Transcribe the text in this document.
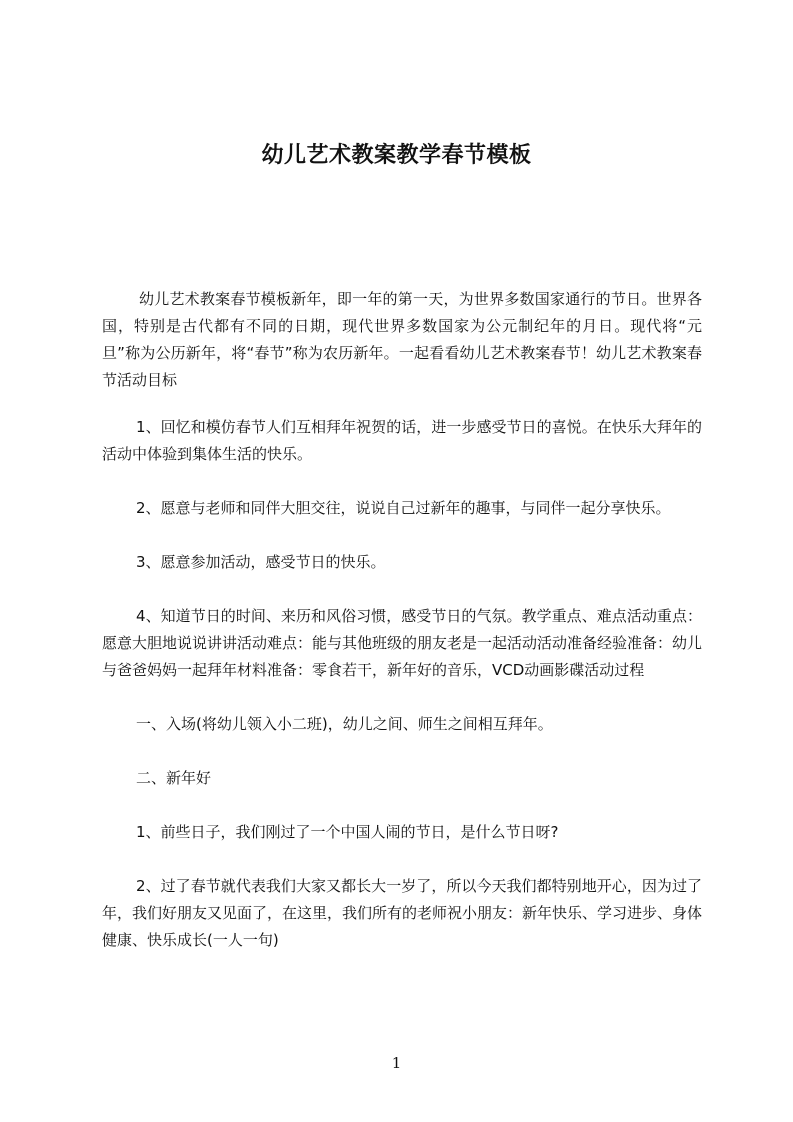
幼儿艺术教案教学春节模板

幼儿艺术教案春节模板新年，即一年的第一天，为世界多数国家通行的节日。世界各国，特别是古代都有不同的日期，现代世界多数国家为公元制纪年的月日。现代将“元旦”称为公历新年，将“春节”称为农历新年。一起看看幼儿艺术教案春节！幼儿艺术教案春节活动目标

1、回忆和模仿春节人们互相拜年祝贺的话，进一步感受节日的喜悦。在快乐大拜年的活动中体验到集体生活的快乐。

2、愿意与老师和同伴大胆交往，说说自己过新年的趣事，与同伴一起分享快乐。

3、愿意参加活动，感受节日的快乐。

4、知道节日的时间、来历和风俗习惯，感受节日的气氛。教学重点、难点活动重点：愿意大胆地说说讲讲活动难点：能与其他班级的朋友老是一起活动活动准备经验准备：幼儿与爸爸妈妈一起拜年材料准备：零食若干，新年好的音乐，VCD动画影碟活动过程

一、入场(将幼儿领入小二班)，幼儿之间、师生之间相互拜年。

二、新年好

1、前些日子，我们刚过了一个中国人闹的节日，是什么节日呀?

2、过了春节就代表我们大家又都长大一岁了，所以今天我们都特别地开心，因为过了年，我们好朋友又见面了，在这里，我们所有的老师祝小朋友：新年快乐、学习进步、身体健康、快乐成长(一人一句)

1
